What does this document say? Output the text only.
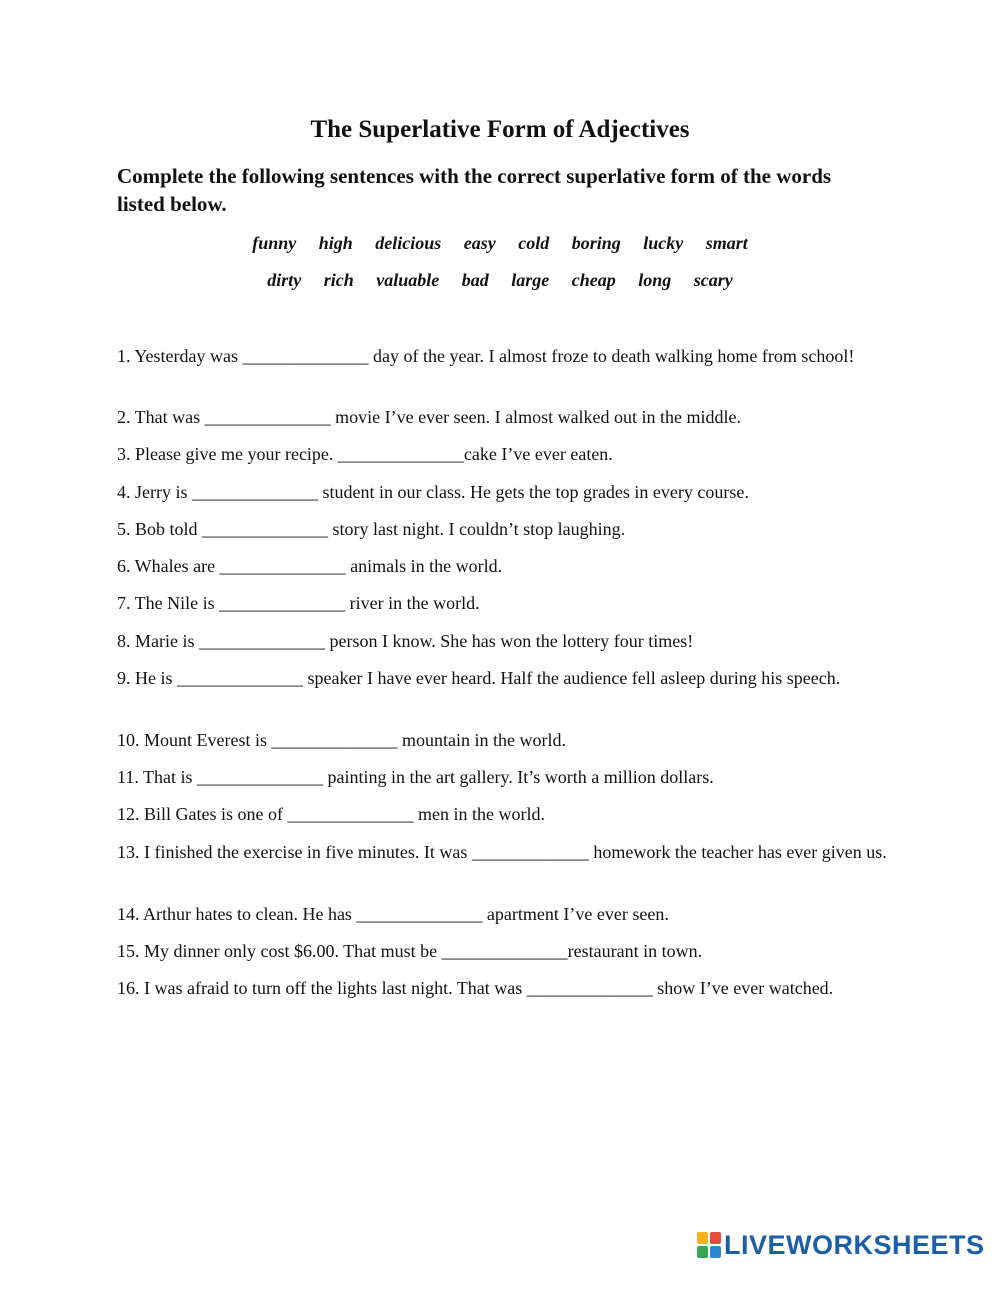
The Superlative Form of Adjectives

Complete the following sentences with the correct superlative form of the words listed below.

funny high delicious easy cold boring lucky smart
dirty rich valuable bad large cheap long scary

1. Yesterday was ______________ day of the year. I almost froze to death walking home from school!

2. That was ______________ movie I’ve ever seen. I almost walked out in the middle.

3. Please give me your recipe. ______________cake I’ve ever eaten.

4. Jerry is ______________ student in our class. He gets the top grades in every course.

5. Bob told ______________ story last night. I couldn’t stop laughing.

6. Whales are ______________ animals in the world.

7. The Nile is ______________ river in the world.

8. Marie is ______________ person I know. She has won the lottery four times!

9. He is ______________ speaker I have ever heard. Half the audience fell asleep during his speech.

10. Mount Everest is ______________ mountain in the world.

11. That is ______________ painting in the art gallery. It’s worth a million dollars.

12. Bill Gates is one of ______________ men in the world.

13. I finished the exercise in five minutes. It was _____________ homework the teacher has ever given us.

14. Arthur hates to clean. He has ______________ apartment I’ve ever seen.

15. My dinner only cost $6.00. That must be ______________restaurant in town.

16. I was afraid to turn off the lights last night. That was ______________ show I’ve ever watched.

LIVEWORKSHEETS
